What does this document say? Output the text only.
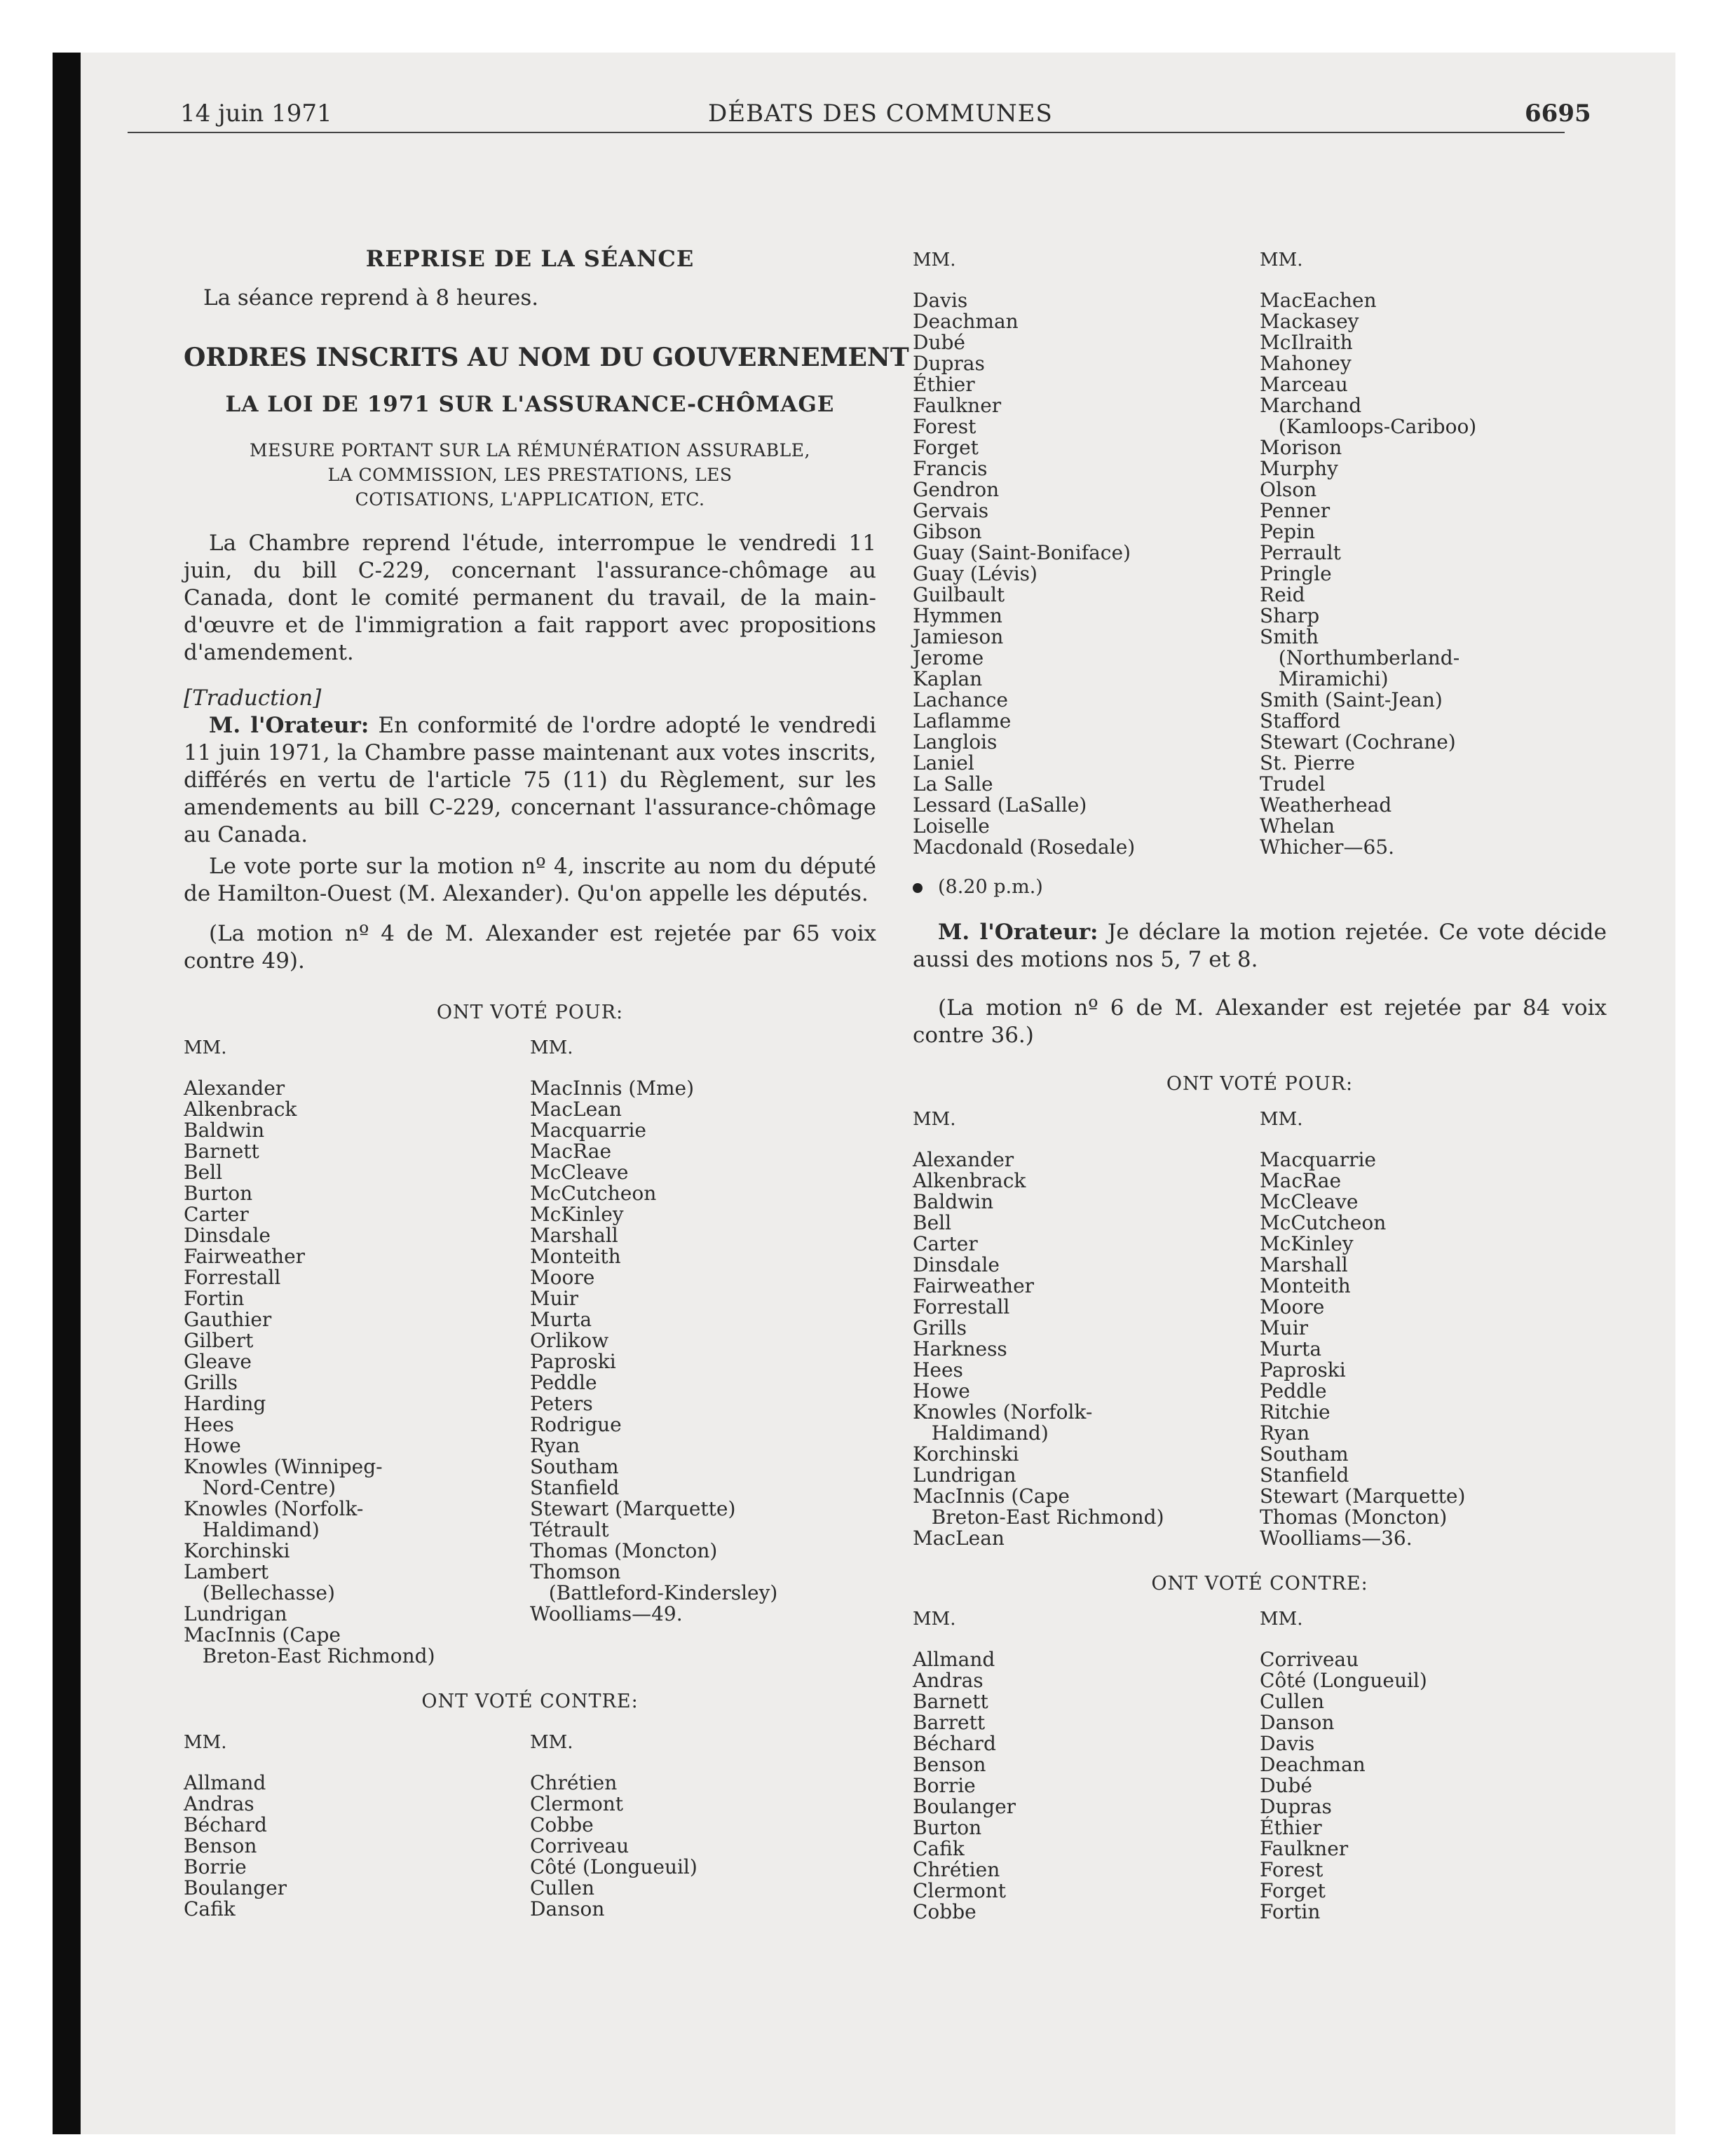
14 juin 1971	DÉBATS DES COMMUNES	6695

REPRISE DE LA SÉANCE

La séance reprend à 8 heures.

ORDRES INSCRITS AU NOM DU GOUVERNEMENT

LA LOI DE 1971 SUR L'ASSURANCE-CHÔMAGE

MESURE PORTANT SUR LA RÉMUNÉRATION ASSURABLE,

LA COMMISSION, LES PRESTATIONS, LES

COTISATIONS, L'APPLICATION, ETC.

La Chambre reprend l'étude, interrompue le vendredi 11 juin, du bill C-229, concernant l'assurance-chômage au Canada, dont le comité permanent du travail, de la main-d'œuvre et de l'immigration a fait rapport avec propositions d'amendement.

[Traduction]

M. l'Orateur: En conformité de l'ordre adopté le vendredi 11 juin 1971, la Chambre passe maintenant aux votes inscrits, différés en vertu de l'article 75 (11) du Règlement, sur les amendements au bill C-229, concernant l'assurance-chômage au Canada.

Le vote porte sur la motion nº 4, inscrite au nom du député de Hamilton-Ouest (M. Alexander). Qu'on appelle les députés.

(La motion nº 4 de M. Alexander est rejetée par 65 voix contre 49).

ONT VOTÉ POUR:

MM.

Alexander

Alkenbrack

Baldwin

Barnett

Bell

Burton

Carter

Dinsdale

Fairweather

Forrestall

Fortin

Gauthier

Gilbert

Gleave

Grills

Harding

Hees

Howe

Knowles (Winnipeg-

Nord-Centre)

Knowles (Norfolk-

Haldimand)

Korchinski

Lambert

(Bellechasse)

Lundrigan

MacInnis (Cape

Breton-East Richmond)

MM.

MacInnis (Mme)

MacLean

Macquarrie

MacRae

McCleave

McCutcheon

McKinley

Marshall

Monteith

Moore

Muir

Murta

Orlikow

Paproski

Peddle

Peters

Rodrigue

Ryan

Southam

Stanfield

Stewart (Marquette)

Tétrault

Thomas (Moncton)

Thomson

(Battleford-Kindersley)

Woolliams—49.

ONT VOTÉ CONTRE:

MM.

Allmand

Andras

Béchard

Benson

Borrie

Boulanger

Cafik

MM.

Chrétien

Clermont

Cobbe

Corriveau

Côté (Longueuil)

Cullen

Danson

MM.

Davis

Deachman

Dubé

Dupras

Éthier

Faulkner

Forest

Forget

Francis

Gendron

Gervais

Gibson

Guay (Saint-Boniface)

Guay (Lévis)

Guilbault

Hymmen

Jamieson

Jerome

Kaplan

Lachance

Laflamme

Langlois

Laniel

La Salle

Lessard (LaSalle)

Loiselle

Macdonald (Rosedale)

MM.

MacEachen

Mackasey

McIlraith

Mahoney

Marceau

Marchand

(Kamloops-Cariboo)

Morison

Murphy

Olson

Penner

Pepin

Perrault

Pringle

Reid

Sharp

Smith

(Northumberland-

Miramichi)

Smith (Saint-Jean)

Stafford

Stewart (Cochrane)

St. Pierre

Trudel

Weatherhead

Whelan

Whicher—65.

(8.20 p.m.)

M. l'Orateur: Je déclare la motion rejetée. Ce vote décide aussi des motions nos 5, 7 et 8.

(La motion nº 6 de M. Alexander est rejetée par 84 voix contre 36.)

ONT VOTÉ POUR:

MM.

Alexander

Alkenbrack

Baldwin

Bell

Carter

Dinsdale

Fairweather

Forrestall

Grills

Harkness

Hees

Howe

Knowles (Norfolk-

Haldimand)

Korchinski

Lundrigan

MacInnis (Cape

Breton-East Richmond)

MacLean

MM.

Macquarrie

MacRae

McCleave

McCutcheon

McKinley

Marshall

Monteith

Moore

Muir

Murta

Paproski

Peddle

Ritchie

Ryan

Southam

Stanfield

Stewart (Marquette)

Thomas (Moncton)

Woolliams—36.

ONT VOTÉ CONTRE:

MM.

Allmand

Andras

Barnett

Barrett

Béchard

Benson

Borrie

Boulanger

Burton

Cafik

Chrétien

Clermont

Cobbe

MM.

Corriveau

Côté (Longueuil)

Cullen

Danson

Davis

Deachman

Dubé

Dupras

Éthier

Faulkner

Forest

Forget

Fortin
